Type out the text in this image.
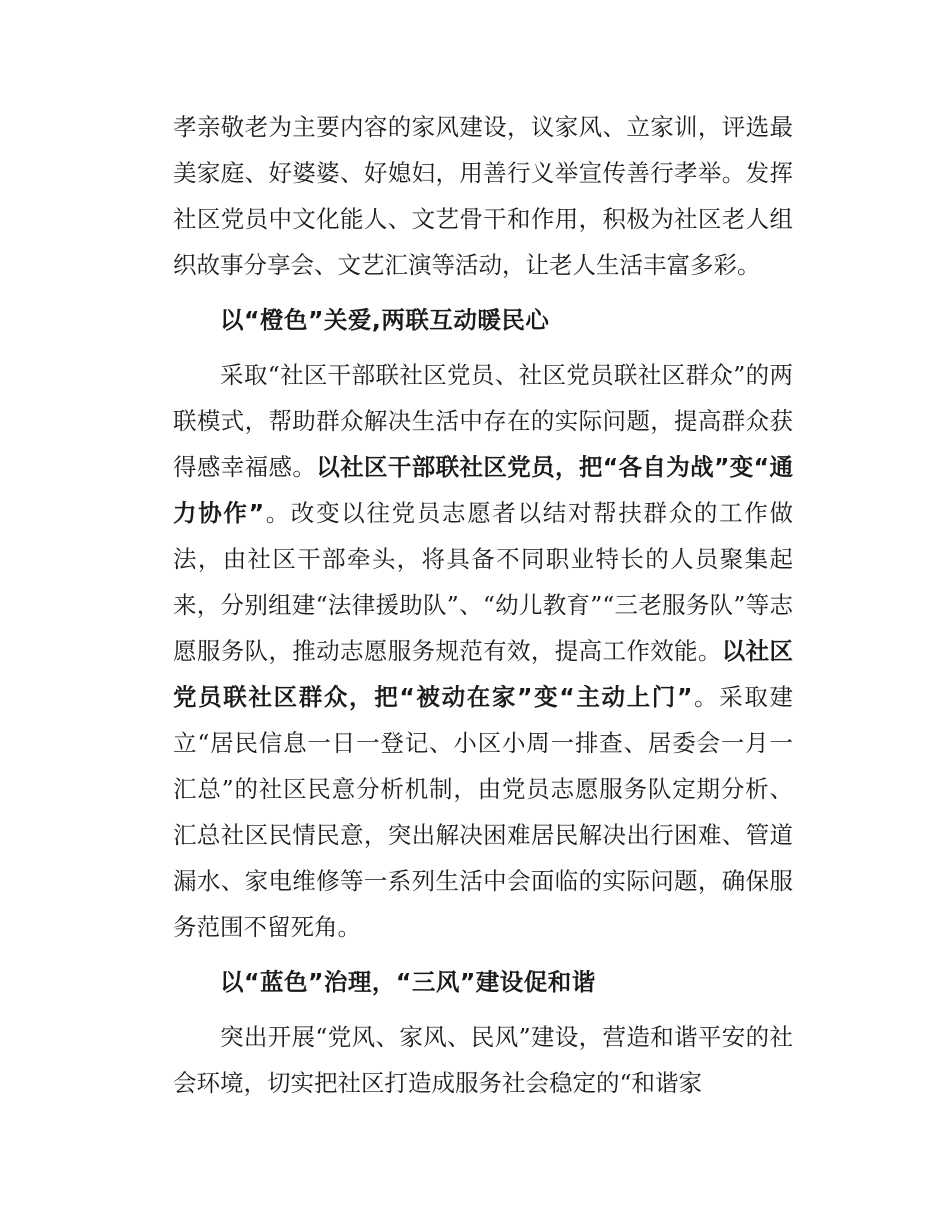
孝亲敬老为主要内容的家风建设，议家风、立家训，评选最美家庭、好婆婆、好媳妇，用善行义举宣传善行孝举。发挥社区党员中文化能人、文艺骨干和作用，积极为社区老人组织故事分享会、文艺汇演等活动，让老人生活丰富多彩。

以“橙色”关爱,两联互动暖民心

采取“社区干部联社区党员、社区党员联社区群众”的两联模式，帮助群众解决生活中存在的实际问题，提高群众获得感幸福感。以社区干部联社区党员，把“各自为战”变“通力协作”。改变以往党员志愿者以结对帮扶群众的工作做法，由社区干部牵头，将具备不同职业特长的人员聚集起来，分别组建“法律援助队”、“幼儿教育”“三老服务队”等志愿服务队，推动志愿服务规范有效，提高工作效能。以社区党员联社区群众，把“被动在家”变“主动上门”。采取建立“居民信息一日一登记、小区小周一排查、居委会一月一汇总”的社区民意分析机制，由党员志愿服务队定期分析、汇总社区民情民意，突出解决困难居民解决出行困难、管道漏水、家电维修等一系列生活中会面临的实际问题，确保服务范围不留死角。

以“蓝色”治理，“三风”建设促和谐

突出开展“党风、家风、民风”建设，营造和谐平安的社会环境，切实把社区打造成服务社会稳定的“和谐家
